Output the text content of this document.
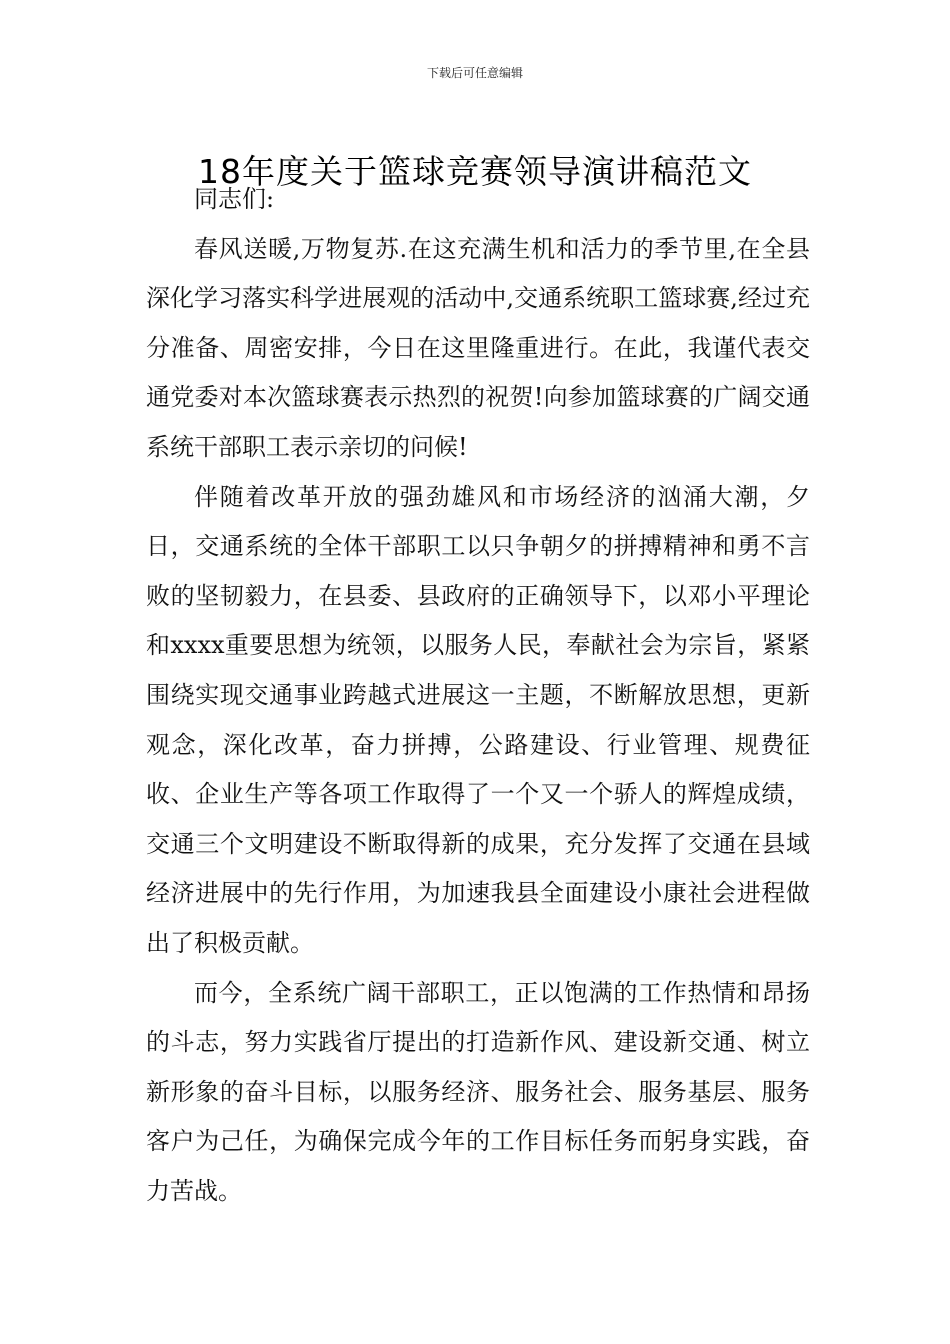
下载后可任意编辑
18年度关于篮球竞赛领导演讲稿范文

同志们:

春风送暖,万物复苏.在这充满生机和活力的季节里,在全县深化学习落实科学进展观的活动中,交通系统职工篮球赛,经过充分准备、周密安排，今日在这里隆重进行。在此，我谨代表交通党委对本次篮球赛表示热烈的祝贺!向参加篮球赛的广阔交通系统干部职工表示亲切的问候!

伴随着改革开放的强劲雄风和市场经济的汹涌大潮，夕日，交通系统的全体干部职工以只争朝夕的拼搏精神和勇不言败的坚韧毅力，在县委、县政府的正确领导下，以邓小平理论和xxxx重要思想为统领，以服务人民，奉献社会为宗旨，紧紧围绕实现交通事业跨越式进展这一主题，不断解放思想，更新观念，深化改革，奋力拼搏，公路建设、行业管理、规费征收、企业生产等各项工作取得了一个又一个骄人的辉煌成绩，交通三个文明建设不断取得新的成果，充分发挥了交通在县域经济进展中的先行作用，为加速我县全面建设小康社会进程做出了积极贡献。

而今，全系统广阔干部职工，正以饱满的工作热情和昂扬的斗志，努力实践省厅提出的打造新作风、建设新交通、树立新形象的奋斗目标，以服务经济、服务社会、服务基层、服务客户为己任，为确保完成今年的工作目标任务而躬身实践，奋力苦战。
